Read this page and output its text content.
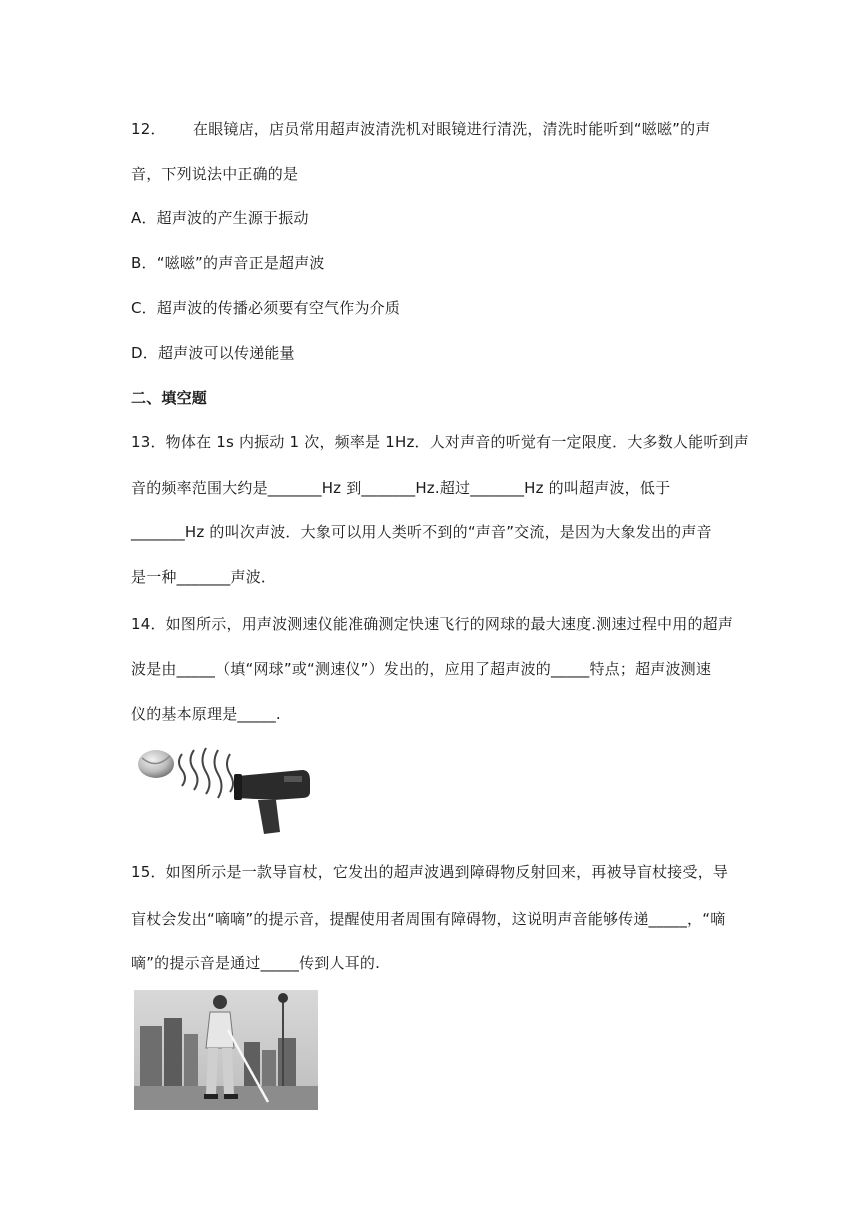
12． 在眼镜店，店员常用超声波清洗机对眼镜进行清洗，清洗时能听到“嗞嗞”的声
音，下列说法中正确的是
A．超声波的产生源于振动
B．“嗞嗞”的声音正是超声波
C．超声波的传播必须要有空气作为介质
D．超声波可以传递能量
二、填空题
13．物体在 1s 内振动 1 次，频率是 1Hz．人对声音的听觉有一定限度．大多数人能听到声
音的频率范围大约是_______Hz 到_______Hz.超过_______Hz 的叫超声波，低于
_______Hz 的叫次声波．大象可以用人类听不到的“声音”交流，是因为大象发出的声音
是一种_______声波．
14．如图所示，用声波测速仪能准确测定快速飞行的网球的最大速度.测速过程中用的超声
波是由_____（填“网球”或“测速仪”）发出的，应用了超声波的_____特点；超声波测速
仪的基本原理是_____.
15．如图所示是一款导盲杖，它发出的超声波遇到障碍物反射回来，再被导盲杖接受，导
盲杖会发出“嘀嘀”的提示音，提醒使用者周围有障碍物，这说明声音能够传递_____，“嘀
嘀”的提示音是通过_____传到人耳的.
